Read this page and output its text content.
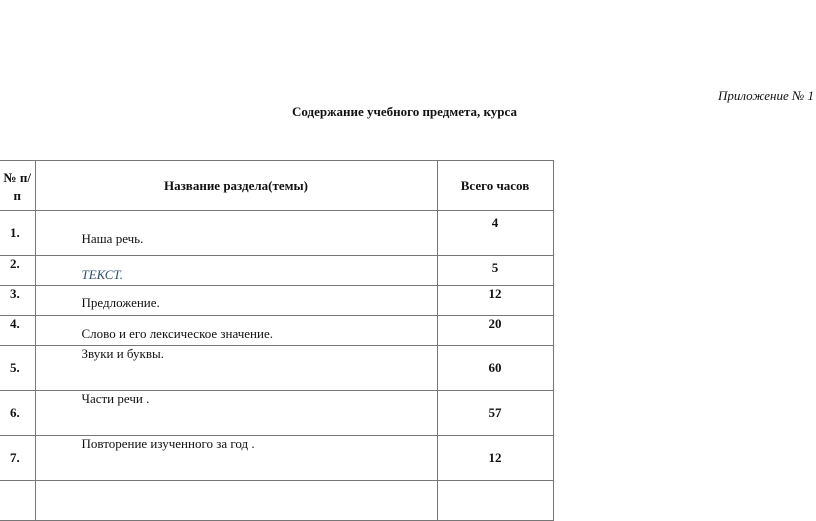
Приложение № 1
Содержание учебного предмета, курса
№ п/п	Название раздела(темы)	Всего часов
1.	Наша речь.	4
2.	ТЕКСТ.	5
3.	Предложение.	12
4.	Слово и его лексическое значение.	20
5.	Звуки и буквы.	60
6.	Части речи .	57
7.	Повторение изученного за год .	12
